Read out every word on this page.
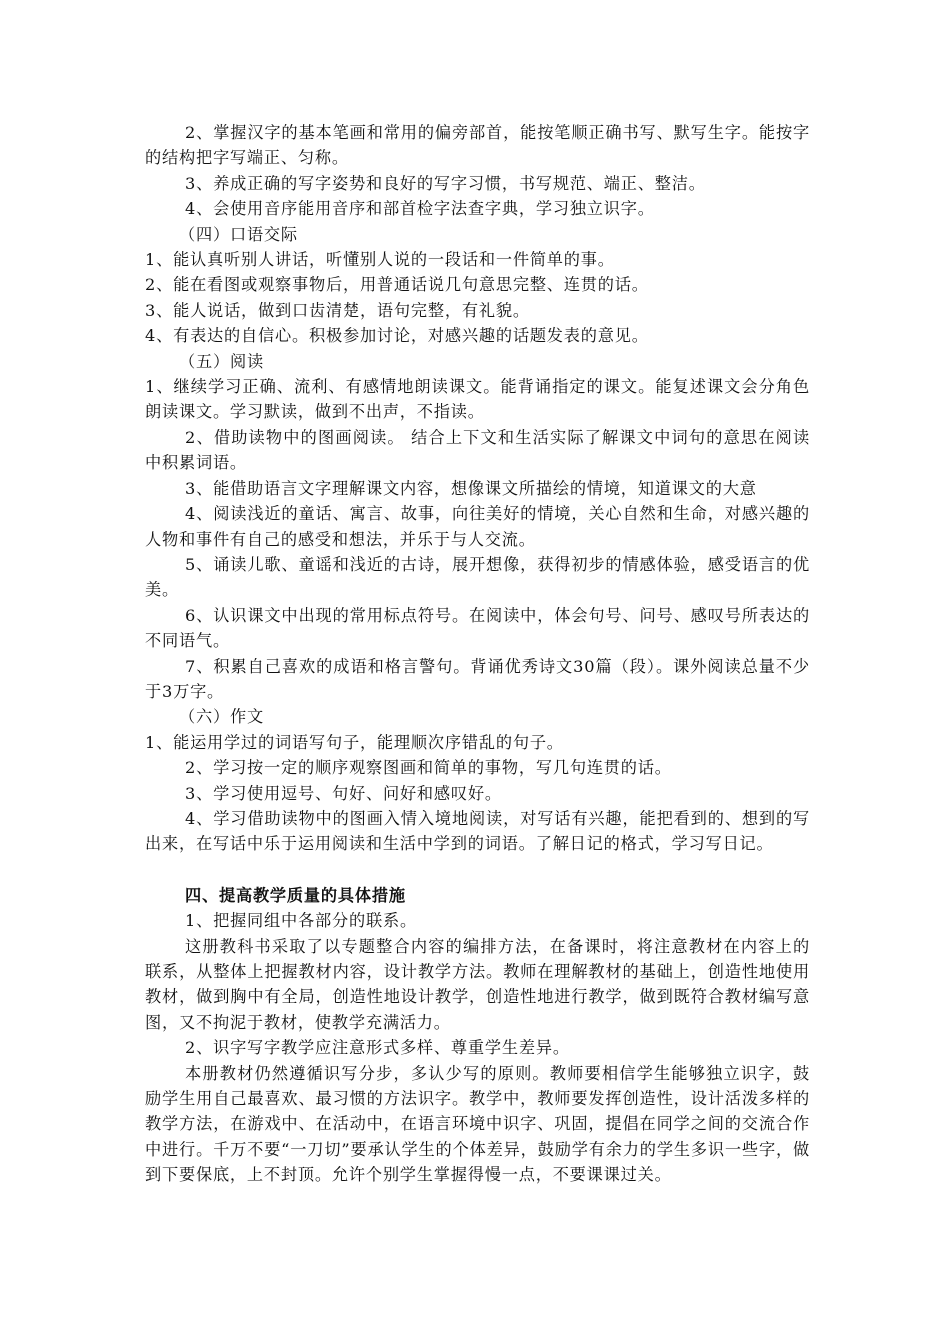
2、掌握汉字的基本笔画和常用的偏旁部首，能按笔顺正确书写、默写生字。能按字的结构把字写端正、匀称。

3、养成正确的写字姿势和良好的写字习惯，书写规范、端正、整洁。

4、会使用音序能用音序和部首检字法查字典，学习独立识字。

（四）口语交际

1、能认真听别人讲话，听懂别人说的一段话和一件简单的事。

2、能在看图或观察事物后，用普通话说几句意思完整、连贯的话。

3、能人说话，做到口齿清楚，语句完整，有礼貌。

4、有表达的自信心。积极参加讨论，对感兴趣的话题发表的意见。

（五）阅读

1、继续学习正确、流利、有感情地朗读课文。能背诵指定的课文。能复述课文会分角色朗读课文。学习默读，做到不出声，不指读。

2、借助读物中的图画阅读。 结合上下文和生活实际了解课文中词句的意思在阅读中积累词语。

3、能借助语言文字理解课文内容，想像课文所描绘的情境，知道课文的大意

4、阅读浅近的童话、寓言、故事，向往美好的情境，关心自然和生命，对感兴趣的人物和事件有自己的感受和想法，并乐于与人交流。

5、诵读儿歌、童谣和浅近的古诗，展开想像，获得初步的情感体验，感受语言的优美。

6、认识课文中出现的常用标点符号。在阅读中，体会句号、问号、感叹号所表达的不同语气。

7、积累自己喜欢的成语和格言警句。背诵优秀诗文30篇（段）。课外阅读总量不少于3万字。

（六）作文

1、能运用学过的词语写句子，能理顺次序错乱的句子。

2、学习按一定的顺序观察图画和简单的事物，写几句连贯的话。

3、学习使用逗号、句好、问好和感叹好。

4、学习借助读物中的图画入情入境地阅读，对写话有兴趣，能把看到的、想到的写出来，在写话中乐于运用阅读和生活中学到的词语。了解日记的格式，学习写日记。

四、提高教学质量的具体措施

1、把握同组中各部分的联系。

这册教科书采取了以专题整合内容的编排方法，在备课时，将注意教材在内容上的联系，从整体上把握教材内容，设计教学方法。教师在理解教材的基础上，创造性地使用教材，做到胸中有全局，创造性地设计教学，创造性地进行教学，做到既符合教材编写意图，又不拘泥于教材，使教学充满活力。

2、识字写字教学应注意形式多样、尊重学生差异。

本册教材仍然遵循识写分步，多认少写的原则。教师要相信学生能够独立识字，鼓励学生用自己最喜欢、最习惯的方法识字。教学中，教师要发挥创造性，设计活泼多样的教学方法，在游戏中、在活动中，在语言环境中识字、巩固，提倡在同学之间的交流合作中进行。千万不要“一刀切”要承认学生的个体差异，鼓励学有余力的学生多识一些字，做到下要保底，上不封顶。允许个别学生掌握得慢一点，不要课课过关。
